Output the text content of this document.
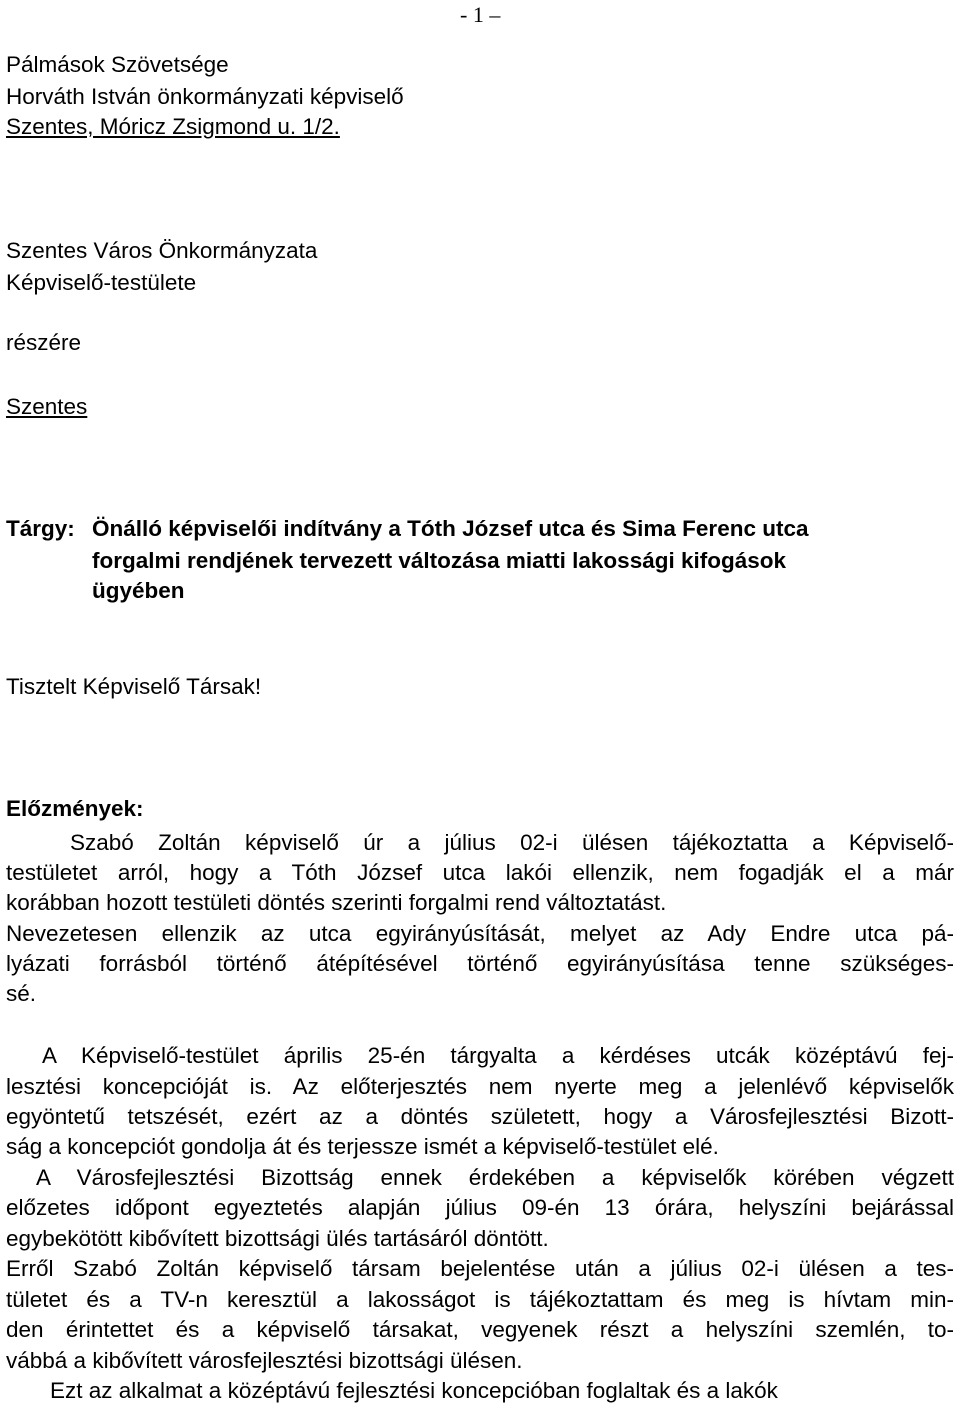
- 1 –
Pálmások Szövetsége
Horváth István önkormányzati képviselő
Szentes, Móricz Zsigmond u. 1/2.
Szentes Város Önkormányzata
Képviselő-testülete
részére
Szentes
Tárgy: Önálló képviselői indítvány a Tóth József utca és Sima Ferenc utca
forgalmi rendjének tervezett változása miatti lakossági kifogások
ügyében
Tisztelt Képviselő Társak!
Előzmények:
Szabó Zoltán képviselő úr a július 02-i ülésen tájékoztatta a Képviselő-
testületet arról, hogy a Tóth József utca lakói ellenzik, nem fogadják el a már
korábban hozott testületi döntés szerinti forgalmi rend változtatást.
Nevezetesen ellenzik az utca egyirányúsítását, melyet az Ady Endre utca pá-
lyázati forrásból történő átépítésével történő egyirányúsítása tenne szükséges-
sé.
A Képviselő-testület április 25-én tárgyalta a kérdéses utcák középtávú fej-
lesztési koncepcióját is. Az előterjesztés nem nyerte meg a jelenlévő képviselők
egyöntetű tetszését, ezért az a döntés született, hogy a Városfejlesztési Bizott-
ság a koncepciót gondolja át és terjessze ismét a képviselő-testület elé.
A Városfejlesztési Bizottság ennek érdekében a képviselők körében végzett
előzetes időpont egyeztetés alapján július 09-én 13 órára, helyszíni bejárással
egybekötött kibővített bizottsági ülés tartásáról döntött.
Erről Szabó Zoltán képviselő társam bejelentése után a július 02-i ülésen a tes-
tületet és a TV-n keresztül a lakosságot is tájékoztattam és meg is hívtam min-
den érintettet és a képviselő társakat, vegyenek részt a helyszíni szemlén, to-
vábbá a kibővített városfejlesztési bizottsági ülésen.
Ezt az alkalmat a középtávú fejlesztési koncepcióban foglaltak és a lakók
